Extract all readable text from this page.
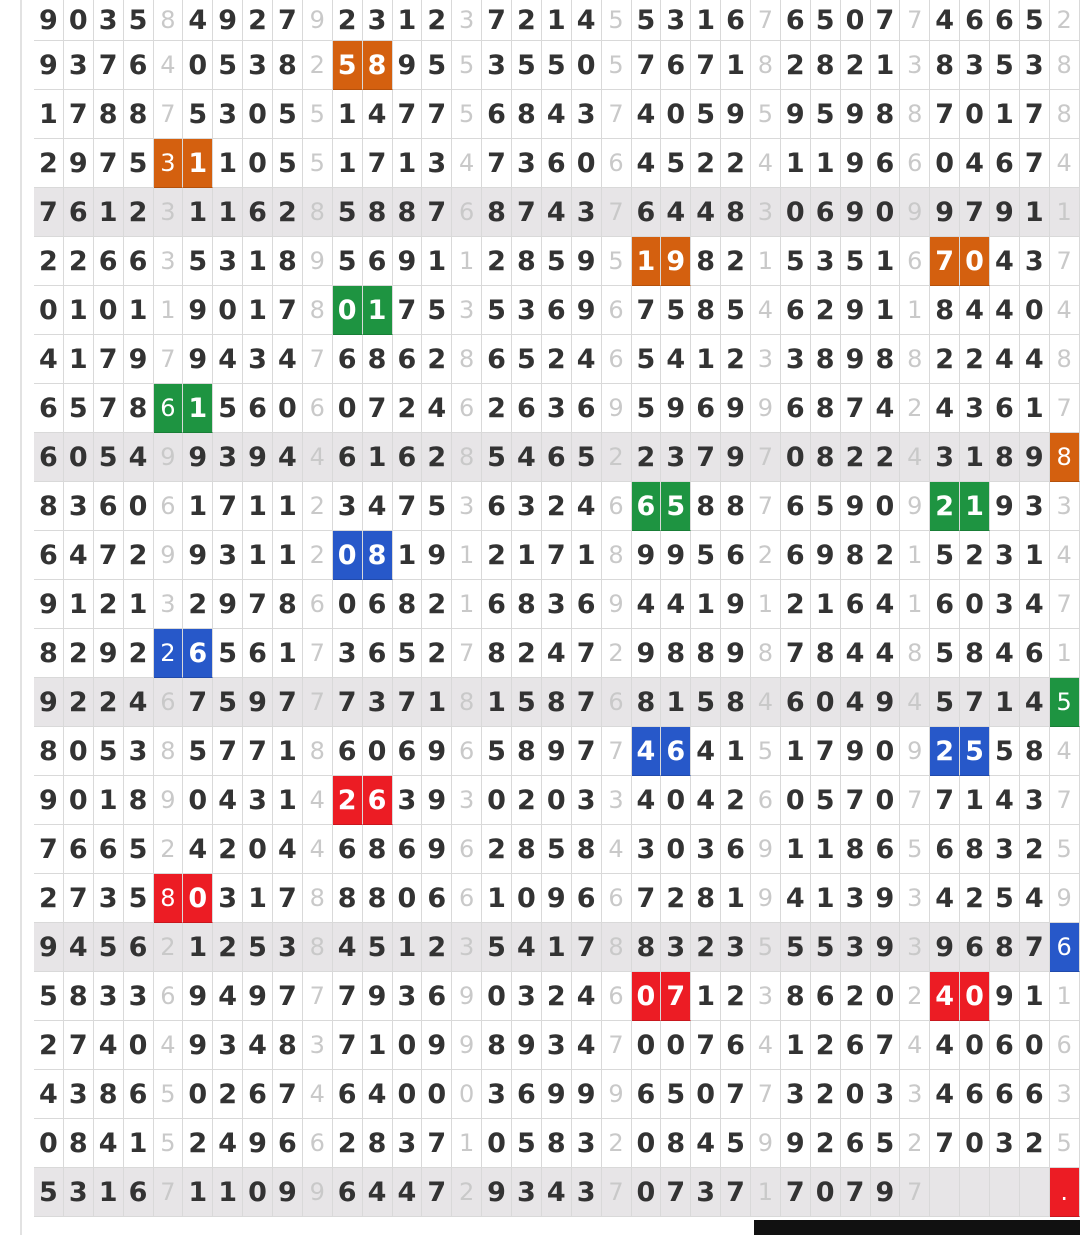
9 0 3 5 8 4 9 2 7 9 2 3 1 2 3 7 2 1 4 5 5 3 1 6 7 6 5 0 7 7 4 6 6 5 2
9 3 7 6 4 0 5 3 8 2 5 8 9 5 5 3 5 5 0 5 7 6 7 1 8 2 8 2 1 3 8 3 5 3 8
1 7 8 8 7 5 3 0 5 5 1 4 7 7 5 6 8 4 3 7 4 0 5 9 5 9 5 9 8 8 7 0 1 7 8
2 9 7 5 3 1 1 0 5 5 1 7 1 3 4 7 3 6 0 6 4 5 2 2 4 1 1 9 6 6 0 4 6 7 4
7 6 1 2 3 1 1 6 2 8 5 8 8 7 6 8 7 4 3 7 6 4 4 8 3 0 6 9 0 9 9 7 9 1 1
2 2 6 6 3 5 3 1 8 9 5 6 9 1 1 2 8 5 9 5 1 9 8 2 1 5 3 5 1 6 7 0 4 3 7
0 1 0 1 1 9 0 1 7 8 0 1 7 5 3 5 3 6 9 6 7 5 8 5 4 6 2 9 1 1 8 4 4 0 4
4 1 7 9 7 9 4 3 4 7 6 8 6 2 8 6 5 2 4 6 5 4 1 2 3 3 8 9 8 8 2 2 4 4 8
6 5 7 8 6 1 5 6 0 6 0 7 2 4 6 2 6 3 6 9 5 9 6 9 9 6 8 7 4 2 4 3 6 1 7
6 0 5 4 9 9 3 9 4 4 6 1 6 2 8 5 4 6 5 2 2 3 7 9 7 0 8 2 2 4 3 1 8 9 8
8 3 6 0 6 1 7 1 1 2 3 4 7 5 3 6 3 2 4 6 6 5 8 8 7 6 5 9 0 9 2 1 9 3 3
6 4 7 2 9 9 3 1 1 2 0 8 1 9 1 2 1 7 1 8 9 9 5 6 2 6 9 8 2 1 5 2 3 1 4
9 1 2 1 3 2 9 7 8 6 0 6 8 2 1 6 8 3 6 9 4 4 1 9 1 2 1 6 4 1 6 0 3 4 7
8 2 9 2 2 6 5 6 1 7 3 6 5 2 7 8 2 4 7 2 9 8 8 9 8 7 8 4 4 8 5 8 4 6 1
9 2 2 4 6 7 5 9 7 7 7 3 7 1 8 1 5 8 7 6 8 1 5 8 4 6 0 4 9 4 5 7 1 4 5
8 0 5 3 8 5 7 7 1 8 6 0 6 9 6 5 8 9 7 7 4 6 4 1 5 1 7 9 0 9 2 5 5 8 4
9 0 1 8 9 0 4 3 1 4 2 6 3 9 3 0 2 0 3 3 4 0 4 2 6 0 5 7 0 7 7 1 4 3 7
7 6 6 5 2 4 2 0 4 4 6 8 6 9 6 2 8 5 8 4 3 0 3 6 9 1 1 8 6 5 6 8 3 2 5
2 7 3 5 8 0 3 1 7 8 8 8 0 6 6 1 0 9 6 6 7 2 8 1 9 4 1 3 9 3 4 2 5 4 9
9 4 5 6 2 1 2 5 3 8 4 5 1 2 3 5 4 1 7 8 8 3 2 3 5 5 5 3 9 3 9 6 8 7 6
5 8 3 3 6 9 4 9 7 7 7 9 3 6 9 0 3 2 4 6 0 7 1 2 3 8 6 2 0 2 4 0 9 1 1
2 7 4 0 4 9 3 4 8 3 7 1 0 9 9 8 9 3 4 7 0 0 7 6 4 1 2 6 7 4 4 0 6 0 6
4 3 8 6 5 0 2 6 7 4 6 4 0 0 0 3 6 9 9 9 6 5 0 7 7 3 2 0 3 3 4 6 6 6 3
0 8 4 1 5 2 4 9 6 6 2 8 3 7 1 0 5 8 3 2 0 8 4 5 9 9 2 6 5 2 7 0 3 2 5
5 3 1 6 7 1 1 0 9 9 6 4 4 7 2 9 3 4 3 7 0 7 3 7 1 7 0 7 9 7	.
